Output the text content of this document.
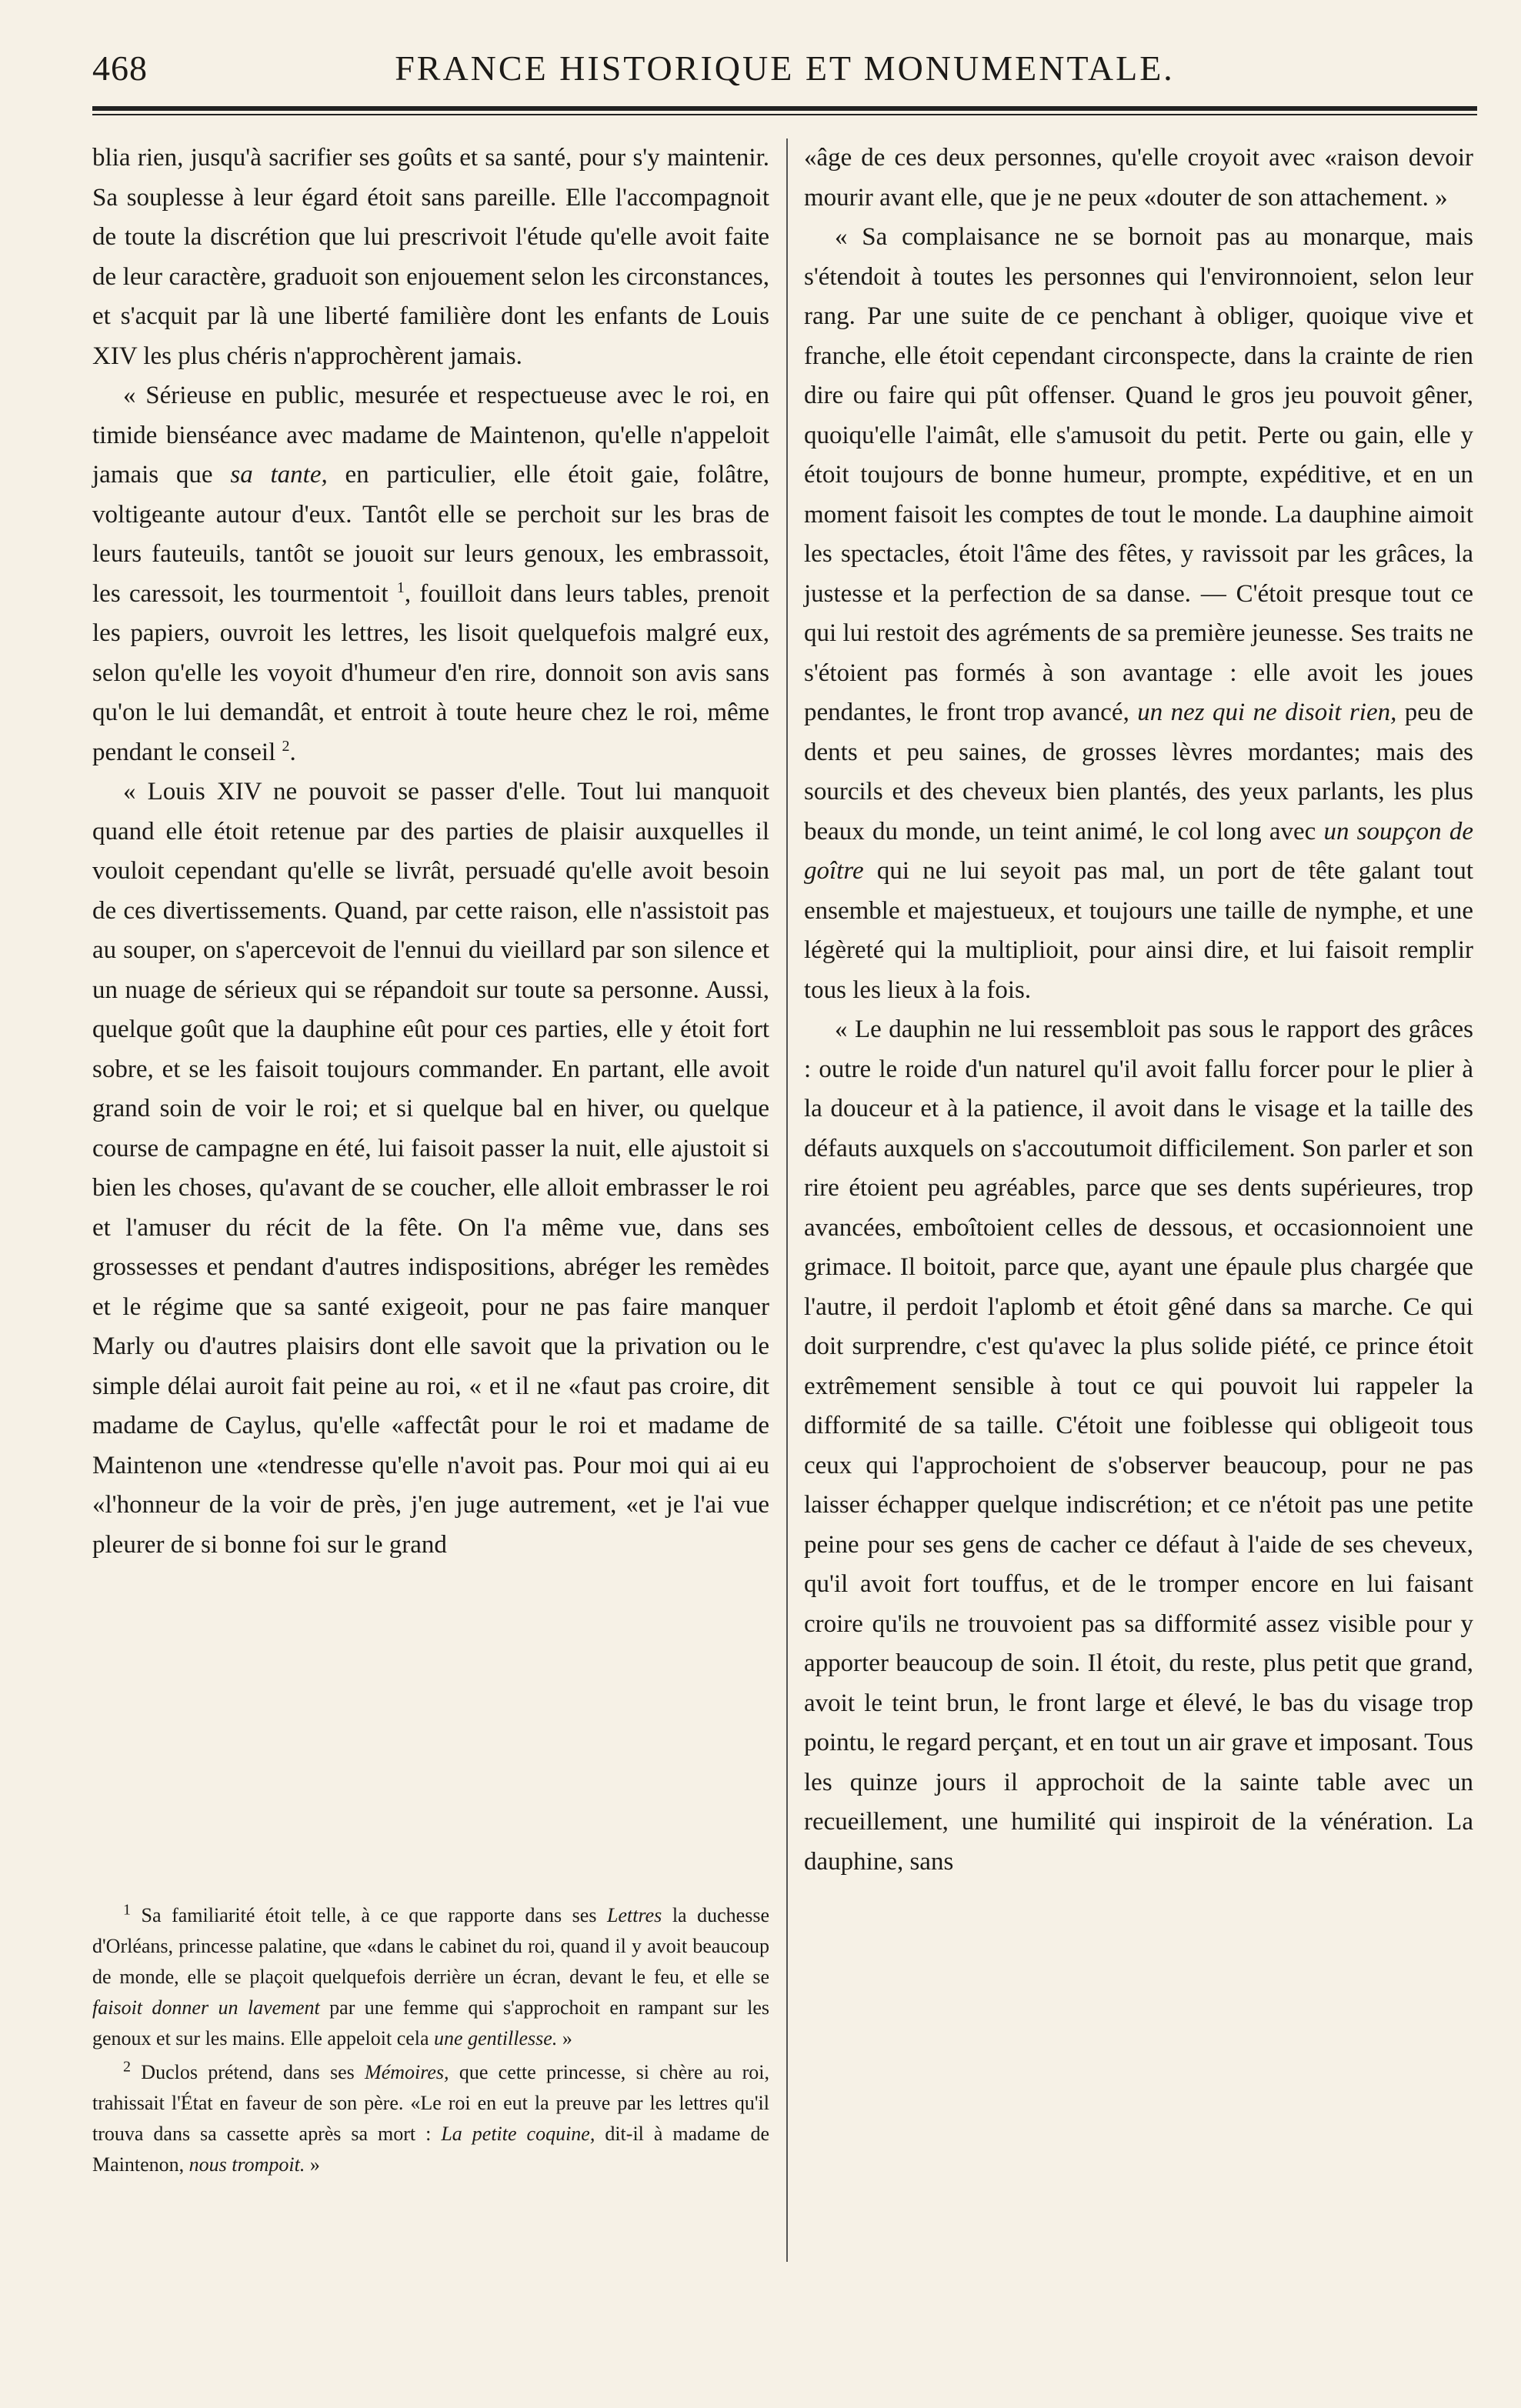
468	FRANCE HISTORIQUE ET MONUMENTALE.

blia rien, jusqu'à sacrifier ses goûts et sa santé, pour s'y maintenir. Sa souplesse à leur égard étoit sans pareille. Elle l'accompagnoit de toute la discrétion que lui prescrivoit l'étude qu'elle avoit faite de leur caractère, graduoit son enjouement selon les circonstances, et s'acquit par là une liberté familière dont les enfants de Louis XIV les plus chéris n'approchèrent jamais.

« Sérieuse en public, mesurée et respectueuse avec le roi, en timide bienséance avec madame de Maintenon, qu'elle n'appeloit jamais que sa tante, en particulier, elle étoit gaie, folâtre, voltigeante autour d'eux. Tantôt elle se perchoit sur les bras de leurs fauteuils, tantôt se jouoit sur leurs genoux, les embrassoit, les caressoit, les tourmentoit $^1$, fouilloit dans leurs tables, prenoit les papiers, ouvroit les lettres, les lisoit quelquefois malgré eux, selon qu'elle les voyoit d'humeur d'en rire, donnoit son avis sans qu'on le lui demandât, et entroit à toute heure chez le roi, même pendant le conseil $^2$.

« Louis XIV ne pouvoit se passer d'elle. Tout lui manquoit quand elle étoit retenue par des parties de plaisir auxquelles il vouloit cependant qu'elle se livrât, persuadé qu'elle avoit besoin de ces divertissements. Quand, par cette raison, elle n'assistoit pas au souper, on s'apercevoit de l'ennui du vieillard par son silence et un nuage de sérieux qui se répandoit sur toute sa personne. Aussi, quelque goût que la dauphine eût pour ces parties, elle y étoit fort sobre, et se les faisoit toujours commander. En partant, elle avoit grand soin de voir le roi; et si quelque bal en hiver, ou quelque course de campagne en été, lui faisoit passer la nuit, elle ajustoit si bien les choses, qu'avant de se coucher, elle alloit embrasser le roi et l'amuser du récit de la fête. On l'a même vue, dans ses grossesses et pendant d'autres indispositions, abréger les remèdes et le régime que sa santé exigeoit, pour ne pas faire manquer Marly ou d'autres plaisirs dont elle savoit que la privation ou le simple délai auroit fait peine au roi, « et il ne «faut pas croire, dit madame de Caylus, qu'elle «affectât pour le roi et madame de Maintenon une «tendresse qu'elle n'avoit pas. Pour moi qui ai eu «l'honneur de la voir de près, j'en juge autrement, «et je l'ai vue pleurer de si bonne foi sur le grand

$^1$ Sa familiarité étoit telle, à ce que rapporte dans ses Lettres la duchesse d'Orléans, princesse palatine, que «dans le cabinet du roi, quand il y avoit beaucoup de monde, elle se plaçoit quelquefois derrière un écran, devant le feu, et elle se faisoit donner un lavement par une femme qui s'approchoit en rampant sur les genoux et sur les mains. Elle appeloit cela une gentillesse. »

$^2$ Duclos prétend, dans ses Mémoires, que cette princesse, si chère au roi, trahissait l'État en faveur de son père. «Le roi en eut la preuve par les lettres qu'il trouva dans sa cassette après sa mort : La petite coquine, dit-il à madame de Maintenon, nous trompoit. »

«âge de ces deux personnes, qu'elle croyoit avec «raison devoir mourir avant elle, que je ne peux «douter de son attachement. »

« Sa complaisance ne se bornoit pas au monarque, mais s'étendoit à toutes les personnes qui l'environnoient, selon leur rang. Par une suite de ce penchant à obliger, quoique vive et franche, elle étoit cependant circonspecte, dans la crainte de rien dire ou faire qui pût offenser. Quand le gros jeu pouvoit gêner, quoiqu'elle l'aimât, elle s'amusoit du petit. Perte ou gain, elle y étoit toujours de bonne humeur, prompte, expéditive, et en un moment faisoit les comptes de tout le monde. La dauphine aimoit les spectacles, étoit l'âme des fêtes, y ravissoit par les grâces, la justesse et la perfection de sa danse. — C'étoit presque tout ce qui lui restoit des agréments de sa première jeunesse. Ses traits ne s'étoient pas formés à son avantage : elle avoit les joues pendantes, le front trop avancé, un nez qui ne disoit rien, peu de dents et peu saines, de grosses lèvres mordantes; mais des sourcils et des cheveux bien plantés, des yeux parlants, les plus beaux du monde, un teint animé, le col long avec un soupçon de goître qui ne lui seyoit pas mal, un port de tête galant tout ensemble et majestueux, et toujours une taille de nymphe, et une légèreté qui la multiplioit, pour ainsi dire, et lui faisoit remplir tous les lieux à la fois.

« Le dauphin ne lui ressembloit pas sous le rapport des grâces : outre le roide d'un naturel qu'il avoit fallu forcer pour le plier à la douceur et à la patience, il avoit dans le visage et la taille des défauts auxquels on s'accoutumoit difficilement. Son parler et son rire étoient peu agréables, parce que ses dents supérieures, trop avancées, emboîtoient celles de dessous, et occasionnoient une grimace. Il boitoit, parce que, ayant une épaule plus chargée que l'autre, il perdoit l'aplomb et étoit gêné dans sa marche. Ce qui doit surprendre, c'est qu'avec la plus solide piété, ce prince étoit extrêmement sensible à tout ce qui pouvoit lui rappeler la difformité de sa taille. C'étoit une foiblesse qui obligeoit tous ceux qui l'approchoient de s'observer beaucoup, pour ne pas laisser échapper quelque indiscrétion; et ce n'étoit pas une petite peine pour ses gens de cacher ce défaut à l'aide de ses cheveux, qu'il avoit fort touffus, et de le tromper encore en lui faisant croire qu'ils ne trouvoient pas sa difformité assez visible pour y apporter beaucoup de soin. Il étoit, du reste, plus petit que grand, avoit le teint brun, le front large et élevé, le bas du visage trop pointu, le regard perçant, et en tout un air grave et imposant. Tous les quinze jours il approchoit de la sainte table avec un recueillement, une humilité qui inspiroit de la vénération. La dauphine, sans
